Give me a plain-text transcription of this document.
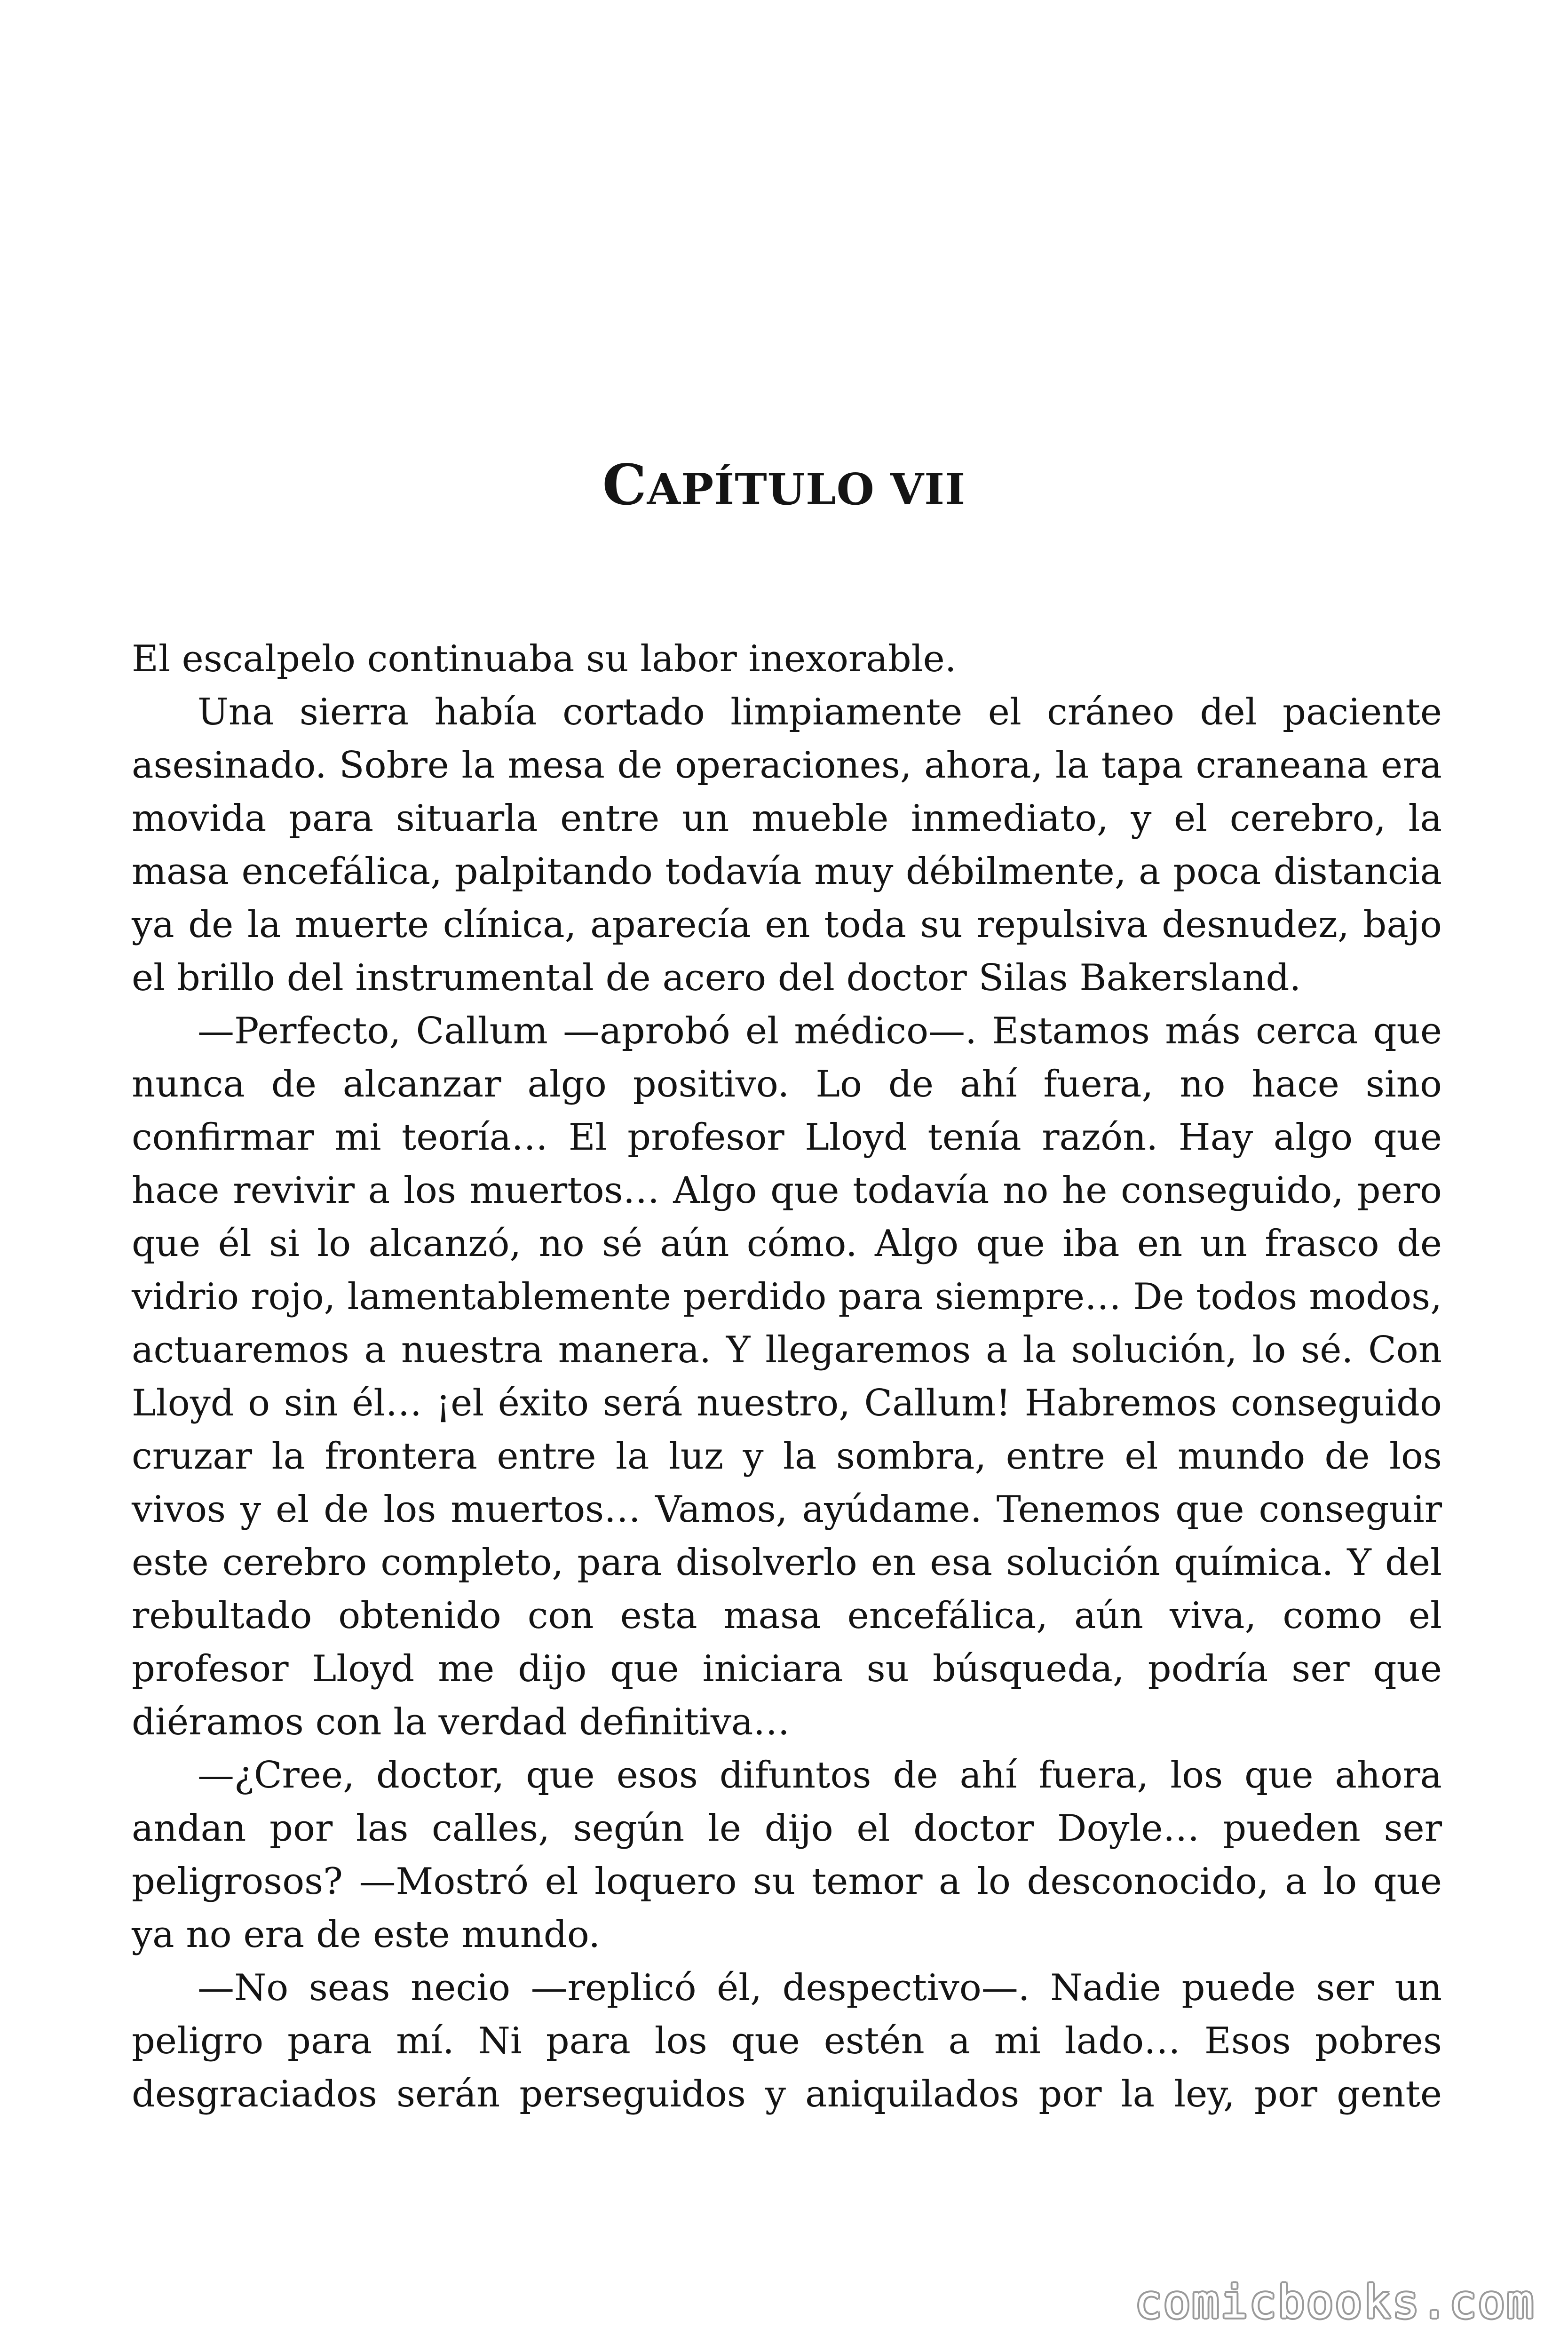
CAPÍTULO VII

El escalpelo continuaba su labor inexorable.

Una sierra había cortado limpiamente el cráneo del paciente asesinado. Sobre la mesa de operaciones, ahora, la tapa craneana era movida para situarla entre un mueble inmediato, y el cerebro, la masa encefálica, palpitando todavía muy débilmente, a poca distancia ya de la muerte clínica, aparecía en toda su repulsiva desnudez, bajo el brillo del instrumental de acero del doctor Silas Bakersland.

—Perfecto, Callum —aprobó el médico—. Estamos más cerca que nunca de alcanzar algo positivo. Lo de ahí fuera, no hace sino confirmar mi teoría… El profesor Lloyd tenía razón. Hay algo que hace revivir a los muertos… Algo que todavía no he conseguido, pero que él si lo alcanzó, no sé aún cómo. Algo que iba en un frasco de vidrio rojo, lamentablemente perdido para siempre… De todos modos, actuaremos a nuestra manera. Y llegaremos a la solución, lo sé. Con Lloyd o sin él… ¡el éxito será nuestro, Callum! Habremos conseguido cruzar la frontera entre la luz y la sombra, entre el mundo de los vivos y el de los muertos… Vamos, ayúdame. Tenemos que conseguir este cerebro completo, para disolverlo en esa solución química. Y del rebultado obtenido con esta masa encefálica, aún viva, como el profesor Lloyd me dijo que iniciara su búsqueda, podría ser que diéramos con la verdad definitiva…

—¿Cree, doctor, que esos difuntos de ahí fuera, los que ahora andan por las calles, según le dijo el doctor Doyle… pueden ser peligrosos? —Mostró el loquero su temor a lo desconocido, a lo que ya no era de este mundo.

—No seas necio —replicó él, despectivo—. Nadie puede ser un peligro para mí. Ni para los que estén a mi lado… Esos pobres desgraciados serán perseguidos y aniquilados por la ley, por gente

comicbooks.com
